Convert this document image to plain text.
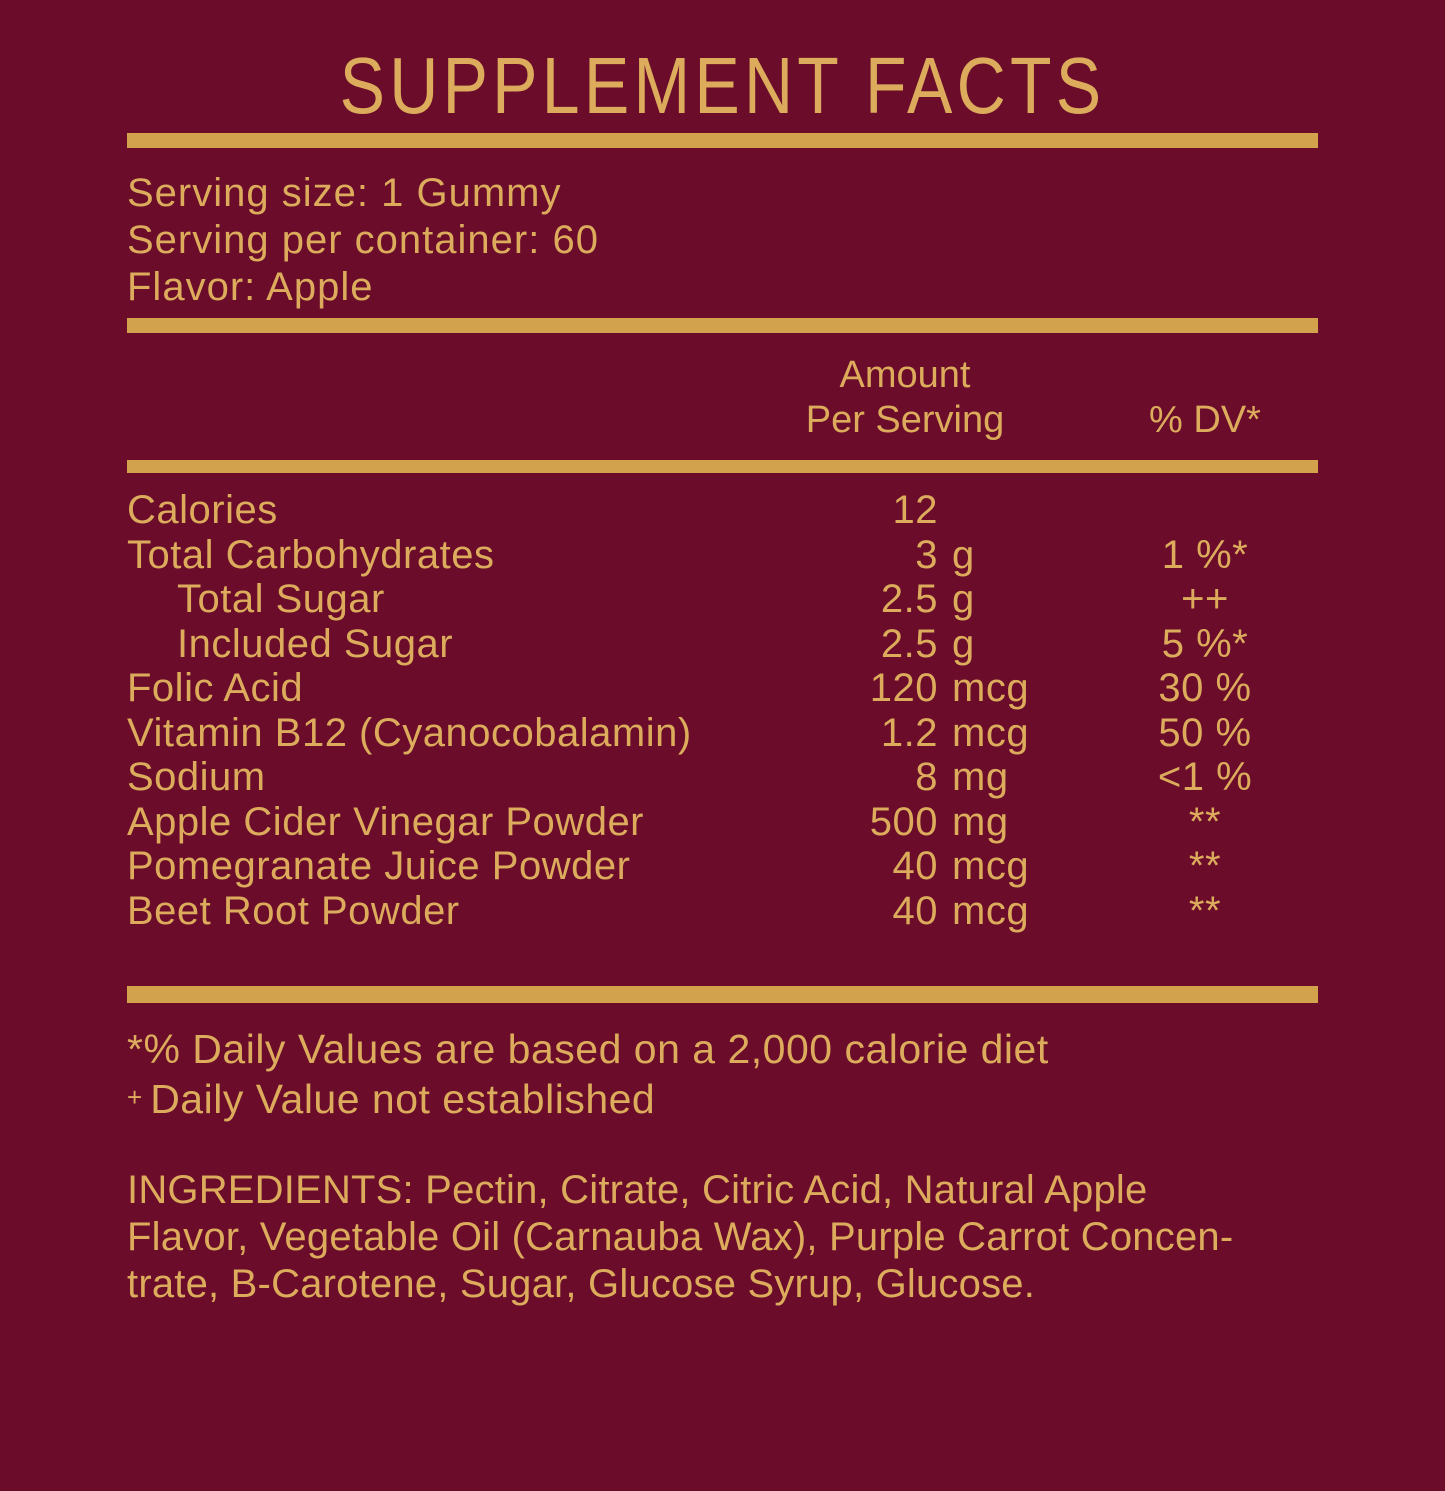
SUPPLEMENT FACTS
Serving size: 1 Gummy
Serving per container: 60
Flavor: Apple
Amount
Per Serving	% DV*
Calories	12
Total Carbohydrates	3 g	1 %*
Total Sugar	2.5 g	++
Included Sugar	2.5 g	5 %*
Folic Acid	120 mcg	30 %
Vitamin B12 (Cyanocobalamin)	1.2 mcg	50 %
Sodium	8 mg	<1 %
Apple Cider Vinegar Powder	500 mg	**
Pomegranate Juice Powder	40 mcg	**
Beet Root Powder	40 mcg	**
*% Daily Values are based on a 2,000 calorie diet
+ Daily Value not established
INGREDIENTS: Pectin, Citrate, Citric Acid, Natural Apple
Flavor, Vegetable Oil (Carnauba Wax), Purple Carrot Concen-
trate, B-Carotene, Sugar, Glucose Syrup, Glucose.
